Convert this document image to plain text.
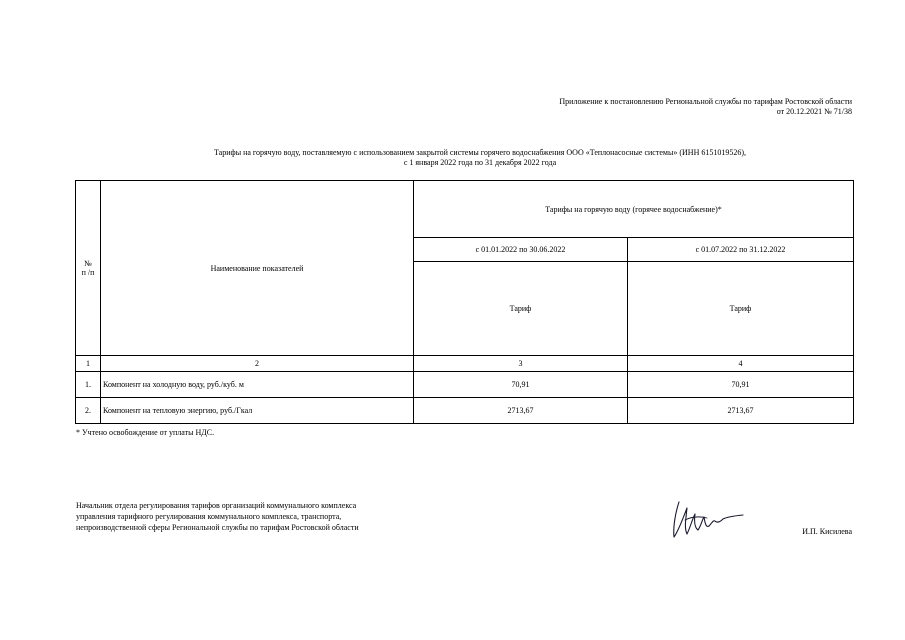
Приложение к постановлению Региональной службы по тарифам Ростовской области
от 20.12.2021 № 71/38
Тарифы на горячую воду, поставляемую с использованием закрытой системы горячего водоснабжения ООО «Теплонасосные системы» (ИНН 6151019526),
с 1 января 2022 года по 31 декабря 2022 года
№
п /п	Наименование показателей	Тарифы на горячую воду (горячее водоснабжение)*	
		с 01.01.2022 по 30.06.2022	с 01.07.2022 по 31.12.2022
		Тариф	Тариф
1	2	3	4
1.	Компонент на холодную воду, руб./куб. м	70,91	70,91
2.	Компонент на тепловую энергию, руб./Гкал	2713,67	2713,67
* Учтено освобождение от уплаты НДС.
Начальник отдела регулирования тарифов организаций коммунального комплекса
управления тарифного регулирования коммунального комплекса, транспорта,
непроизводственной сферы Региональной службы по тарифам Ростовской области	И.П. Кисилева
